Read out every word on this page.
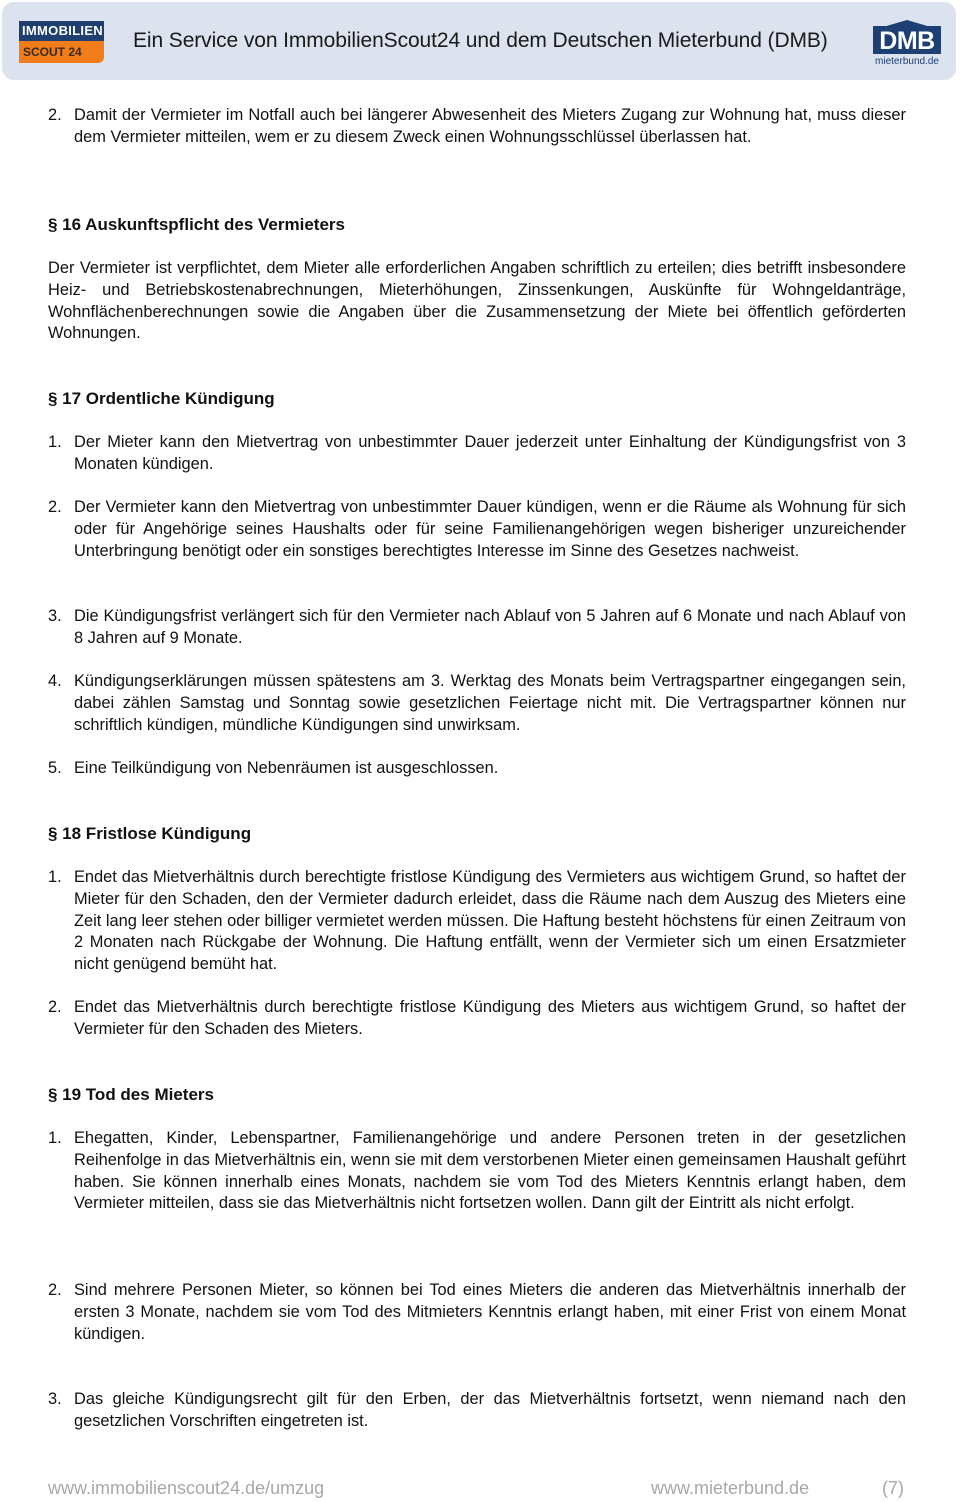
IMMOBILIEN
SCOUT 24	Ein Service von ImmobilienScout24 und dem Deutschen Mieterbund (DMB) DMB
mieterbund.de
2. Damit der Vermieter im Notfall auch bei längerer Abwesenheit des Mieters Zugang zur Wohnung hat, muss dieser dem Vermieter mitteilen, wem er zu diesem Zweck einen Wohnungsschlüssel überlassen hat.
§ 16 Auskunftspflicht des Vermieters
Der Vermieter ist verpflichtet, dem Mieter alle erforderlichen Angaben schriftlich zu erteilen; dies betrifft insbesondere Heiz- und Betriebskostenabrechnungen, Mieterhöhungen, Zinssenkungen, Auskünfte für Wohngeldanträge, Wohnflächenberechnungen sowie die Angaben über die Zusammensetzung der Miete bei öffentlich geförderten Wohnungen.
§ 17 Ordentliche Kündigung
1. Der Mieter kann den Mietvertrag von unbestimmter Dauer jederzeit unter Einhaltung der Kündigungsfrist von 3 Monaten kündigen.
2. Der Vermieter kann den Mietvertrag von unbestimmter Dauer kündigen, wenn er die Räume als Wohnung für sich oder für Angehörige seines Haushalts oder für seine Familienangehörigen wegen bisheriger unzureichender Unterbringung benötigt oder ein sonstiges berechtigtes Interesse im Sinne des Gesetzes nachweist.
3. Die Kündigungsfrist verlängert sich für den Vermieter nach Ablauf von 5 Jahren auf 6 Monate und nach Ablauf von 8 Jahren auf 9 Monate.
4. Kündigungserklärungen müssen spätestens am 3. Werktag des Monats beim Vertragspartner eingegangen sein, dabei zählen Samstag und Sonntag sowie gesetzlichen Feiertage nicht mit. Die Vertragspartner können nur schriftlich kündigen, mündliche Kündigungen sind unwirksam.
5. Eine Teilkündigung von Nebenräumen ist ausgeschlossen.
§ 18 Fristlose Kündigung
1. Endet das Mietverhältnis durch berechtigte fristlose Kündigung des Vermieters aus wichtigem Grund, so haftet der Mieter für den Schaden, den der Vermieter dadurch erleidet, dass die Räume nach dem Auszug des Mieters eine Zeit lang leer stehen oder billiger vermietet werden müssen. Die Haftung besteht höchstens für einen Zeitraum von 2 Monaten nach Rückgabe der Wohnung. Die Haftung entfällt, wenn der Vermieter sich um einen Ersatzmieter nicht genügend bemüht hat.
2. Endet das Mietverhältnis durch berechtigte fristlose Kündigung des Mieters aus wichtigem Grund, so haftet der Vermieter für den Schaden des Mieters.
§ 19 Tod des Mieters
1. Ehegatten, Kinder, Lebenspartner, Familienangehörige und andere Personen treten in der gesetzlichen Reihenfolge in das Mietverhältnis ein, wenn sie mit dem verstorbenen Mieter einen gemeinsamen Haushalt geführt haben. Sie können innerhalb eines Monats, nachdem sie vom Tod des Mieters Kenntnis erlangt haben, dem Vermieter mitteilen, dass sie das Mietverhältnis nicht fortsetzen wollen. Dann gilt der Eintritt als nicht erfolgt.
2. Sind mehrere Personen Mieter, so können bei Tod eines Mieters die anderen das Mietverhältnis innerhalb der ersten 3 Monate, nachdem sie vom Tod des Mitmieters Kenntnis erlangt haben, mit einer Frist von einem Monat kündigen.
3. Das gleiche Kündigungsrecht gilt für den Erben, der das Mietverhältnis fortsetzt, wenn niemand nach den gesetzlichen Vorschriften eingetreten ist.
www.immobilienscout24.de/umzug	www.mieterbund.de	(7)
